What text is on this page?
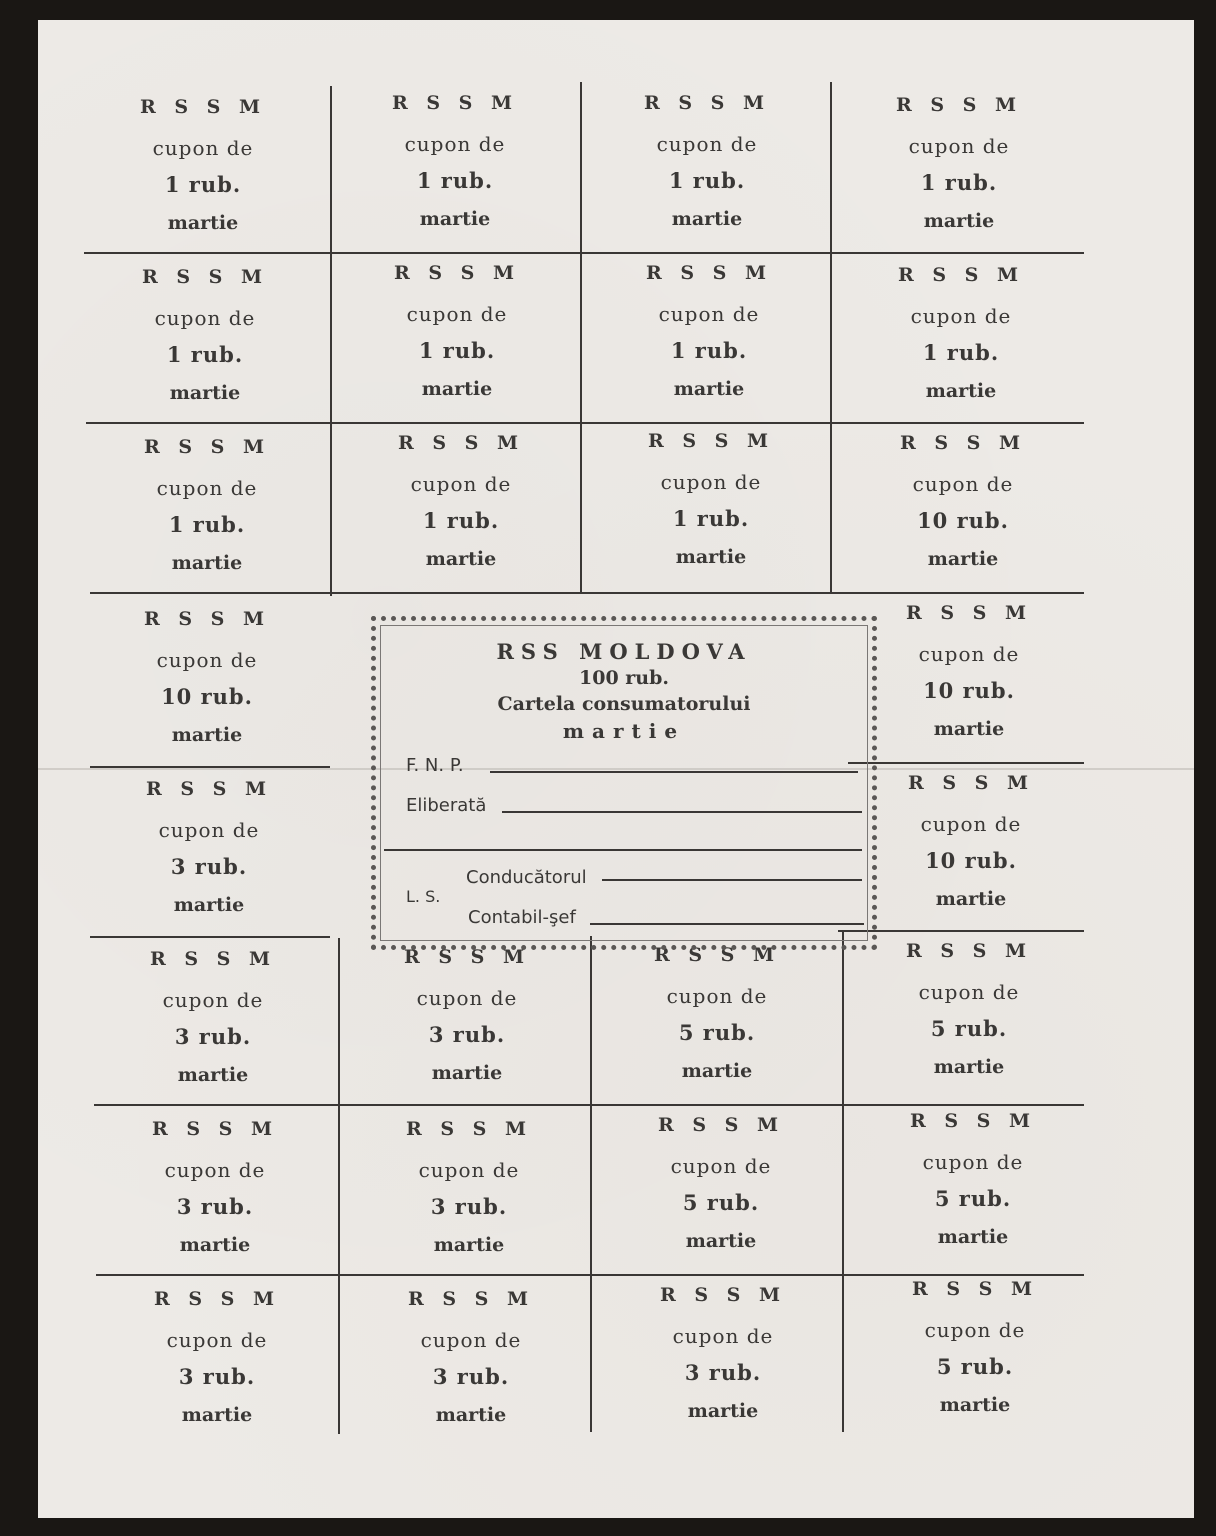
R S S M
cupon de
1 rub.
martie
R S S M
cupon de
1 rub.
martie
R S S M
cupon de
1 rub.
martie
R S S M
cupon de
1 rub.
martie
R S S M
cupon de
1 rub.
martie
R S S M
cupon de
1 rub.
martie
R S S M
cupon de
1 rub.
martie
R S S M
cupon de
1 rub.
martie
R S S M
cupon de
1 rub.
martie
R S S M
cupon de
1 rub.
martie
R S S M
cupon de
1 rub.
martie
R S S M
cupon de
10 rub.
martie
R S S M
cupon de
10 rub.
martie
R S S M
cupon de
10 rub.
martie
R S S M
cupon de
3 rub.
martie
R S S M
cupon de
10 rub.
martie
R S S M
cupon de
3 rub.
martie
R S S M
cupon de
3 rub.
martie
R S S M
cupon de
5 rub.
martie
R S S M
cupon de
5 rub.
martie
R S S M
cupon de
3 rub.
martie
R S S M
cupon de
3 rub.
martie
R S S M
cupon de
5 rub.
martie
R S S M
cupon de
5 rub.
martie
R S S M
cupon de
3 rub.
martie
R S S M
cupon de
3 rub.
martie
R S S M
cupon de
3 rub.
martie
R S S M
cupon de
5 rub.
martie
RSS MOLDOVA
100 rub.
Cartela consumatorului
martie
F. N. P.
Eliberată
Conducătorul
L. S.
Contabil-şef
